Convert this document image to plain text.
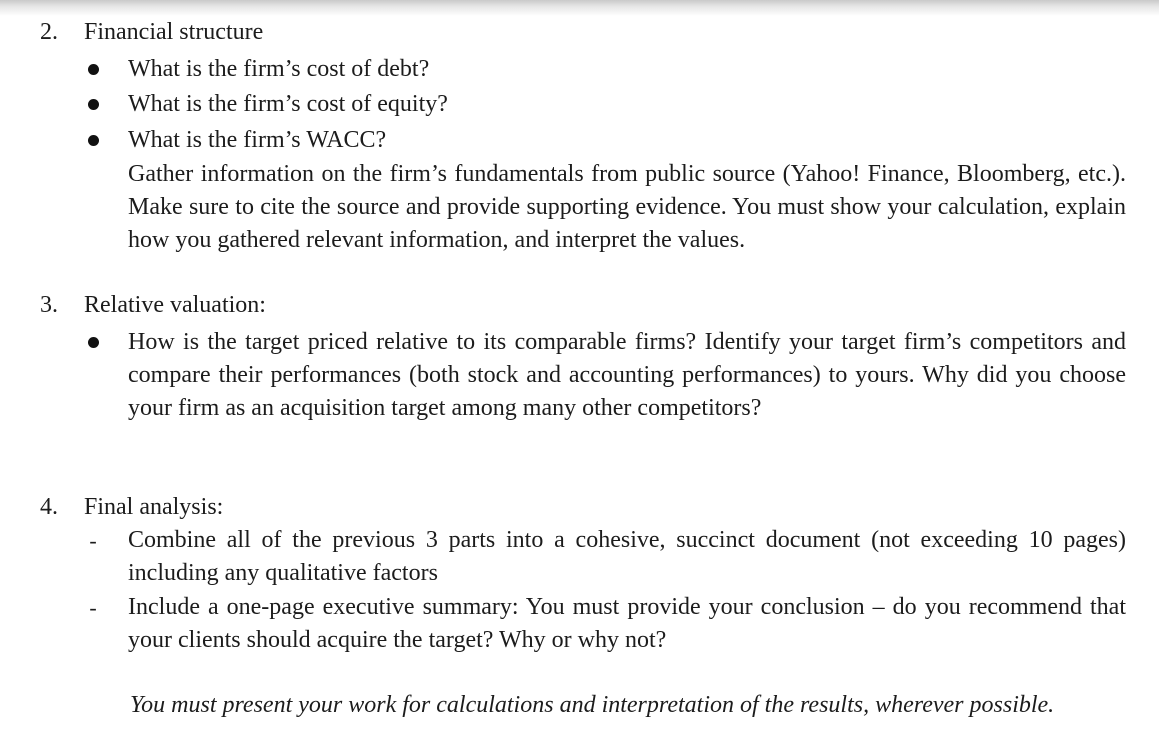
2. Financial structure
What is the firm’s cost of debt?
What is the firm’s cost of equity?
What is the firm’s WACC?
Gather information on the firm’s fundamentals from public source (Yahoo! Finance, Bloomberg, etc.). Make sure to cite the source and provide supporting evidence. You must show your calculation, explain how you gathered relevant information, and interpret the values.
3. Relative valuation:
How is the target priced relative to its comparable firms? Identify your target firm’s competitors and compare their performances (both stock and accounting performances) to yours. Why did you choose your firm as an acquisition target among many other competitors?
4. Final analysis:
-	Combine all of the previous 3 parts into a cohesive, succinct document (not exceeding 10 pages) including any qualitative factors
-	Include a one-page executive summary: You must provide your conclusion – do you recommend that your clients should acquire the target? Why or why not?
You must present your work for calculations and interpretation of the results, wherever possible.
